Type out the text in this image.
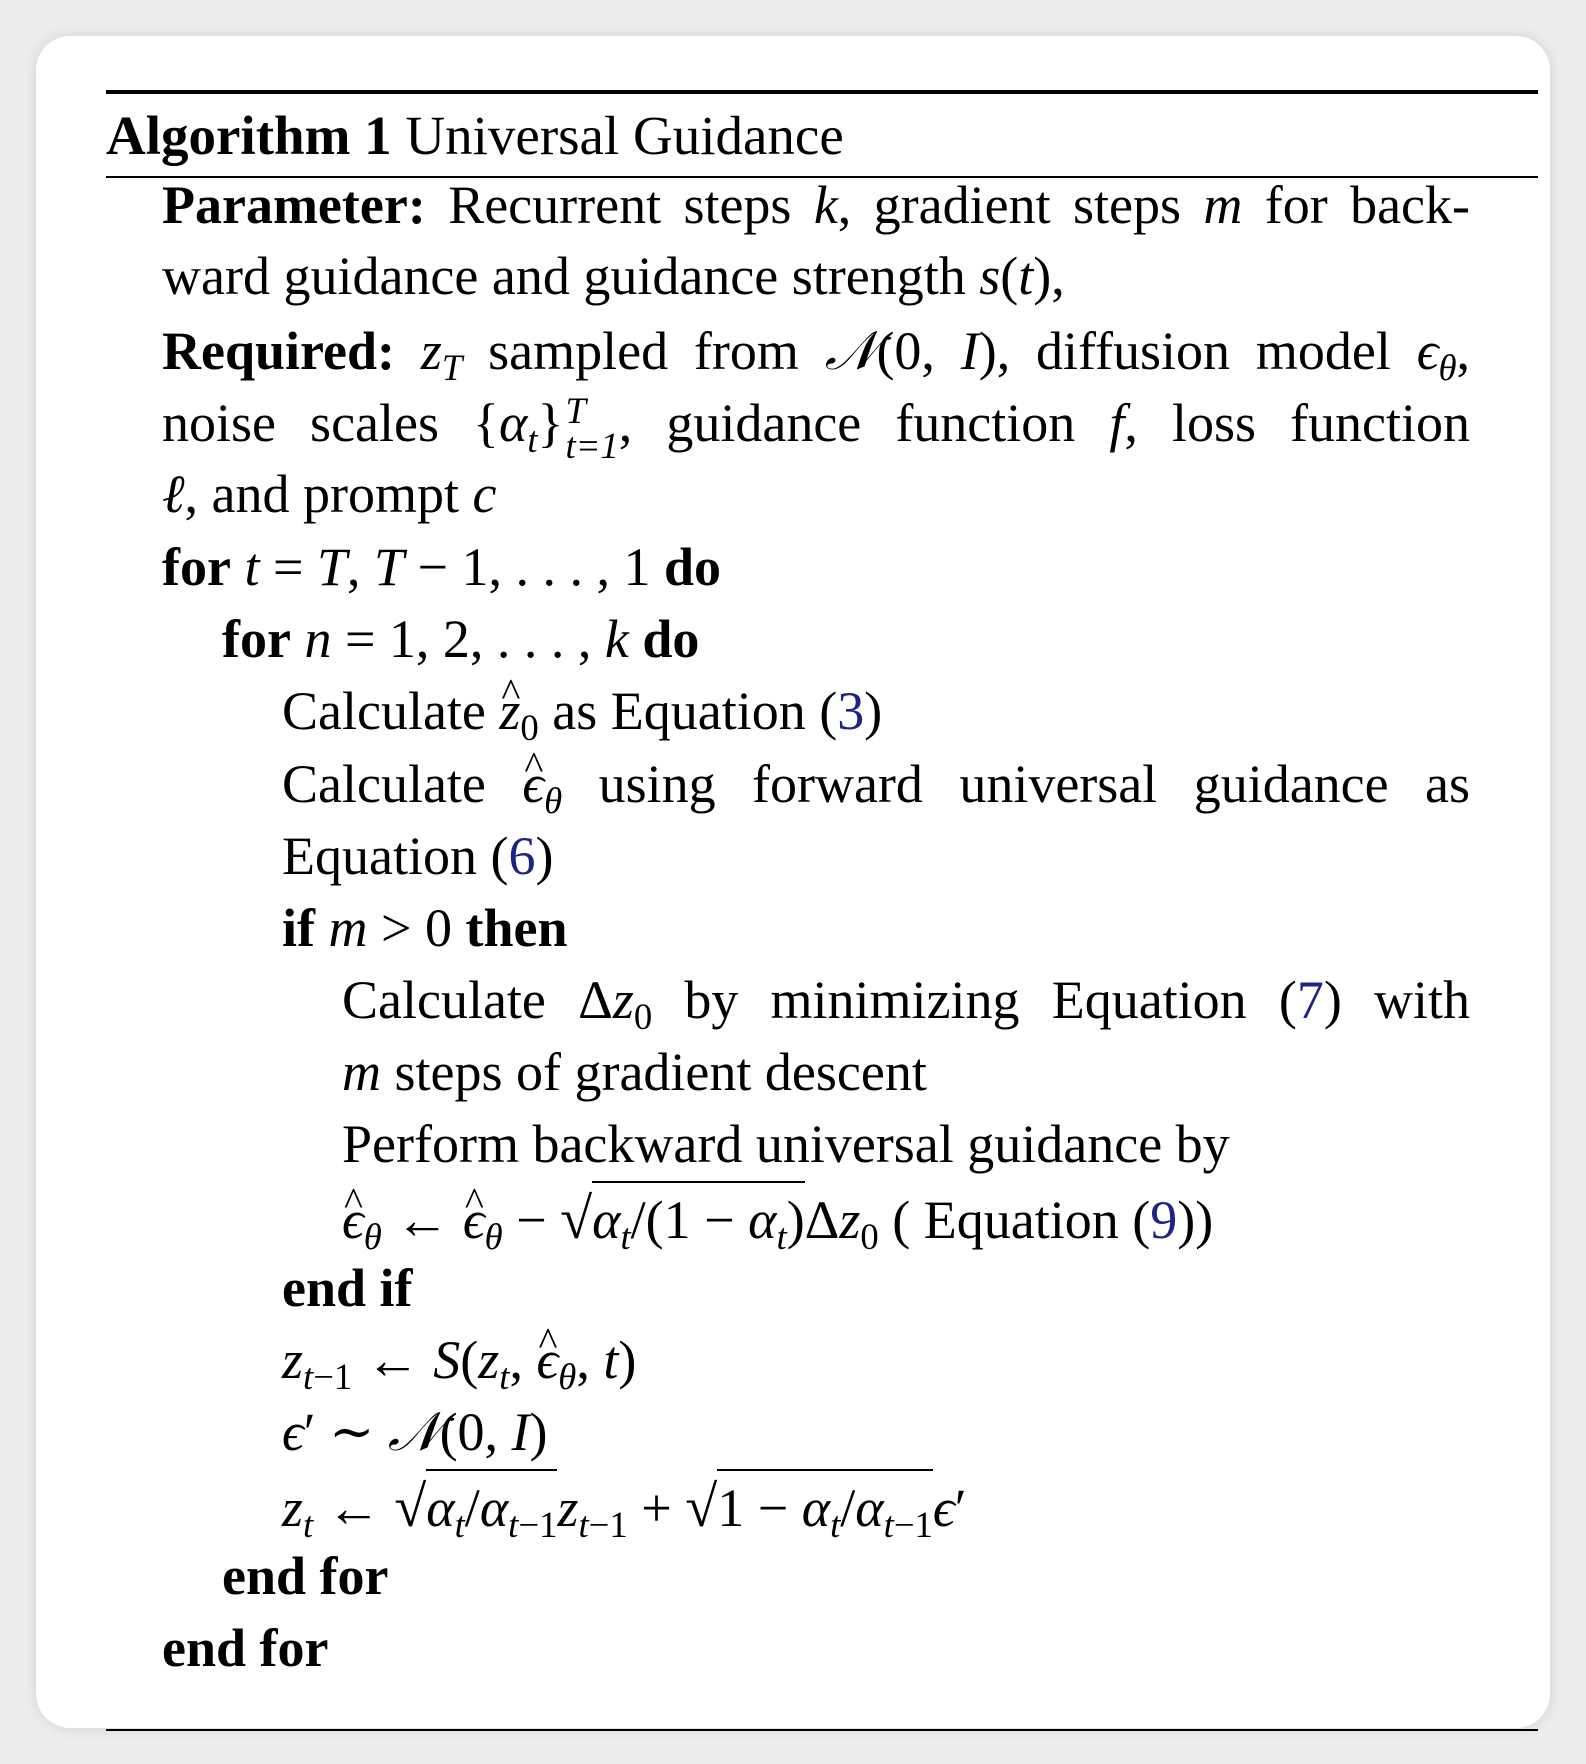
Algorithm 1 Universal Guidance
Parameter: Recurrent steps k, gradient steps m for back-
ward guidance and guidance strength s(t),
Required: $z_T$ sampled from 𝒩(0, I), diffusion model $\epsilon_\theta$,
noise scales $\{\alpha_t\}$ T
t=1 , guidance function f, loss function
ℓ, and prompt c
for t = T, T − 1, . . . , 1 do
for n = 1, 2, . . . , k do
Calculate ^ $z_0$ as Equation (3)
Calculate ^ $\epsilon_\theta$ using forward universal guidance as
Equation (6)
if m > 0 then
Calculate $\Delta z_0$ by minimizing Equation (7) with
m steps of gradient descent
Perform backward universal guidance by
^ $\epsilon_\theta$ ← ^ $\epsilon_\theta - √\alpha_t/(1 - \alpha_t)\Delta z_0$ ( Equation (9))
end if
$z_{t-1}$ ← $S(z_t$, ^ $\epsilon_\theta$, t)
ϵ′ ∼ 𝒩(0, I)
$z_t$ ← $√\alpha_t/\alpha_{t-1}z_{t-1} + √1 - \alpha_t/\alpha_{t-1}\epsilon'$
end for
end for
